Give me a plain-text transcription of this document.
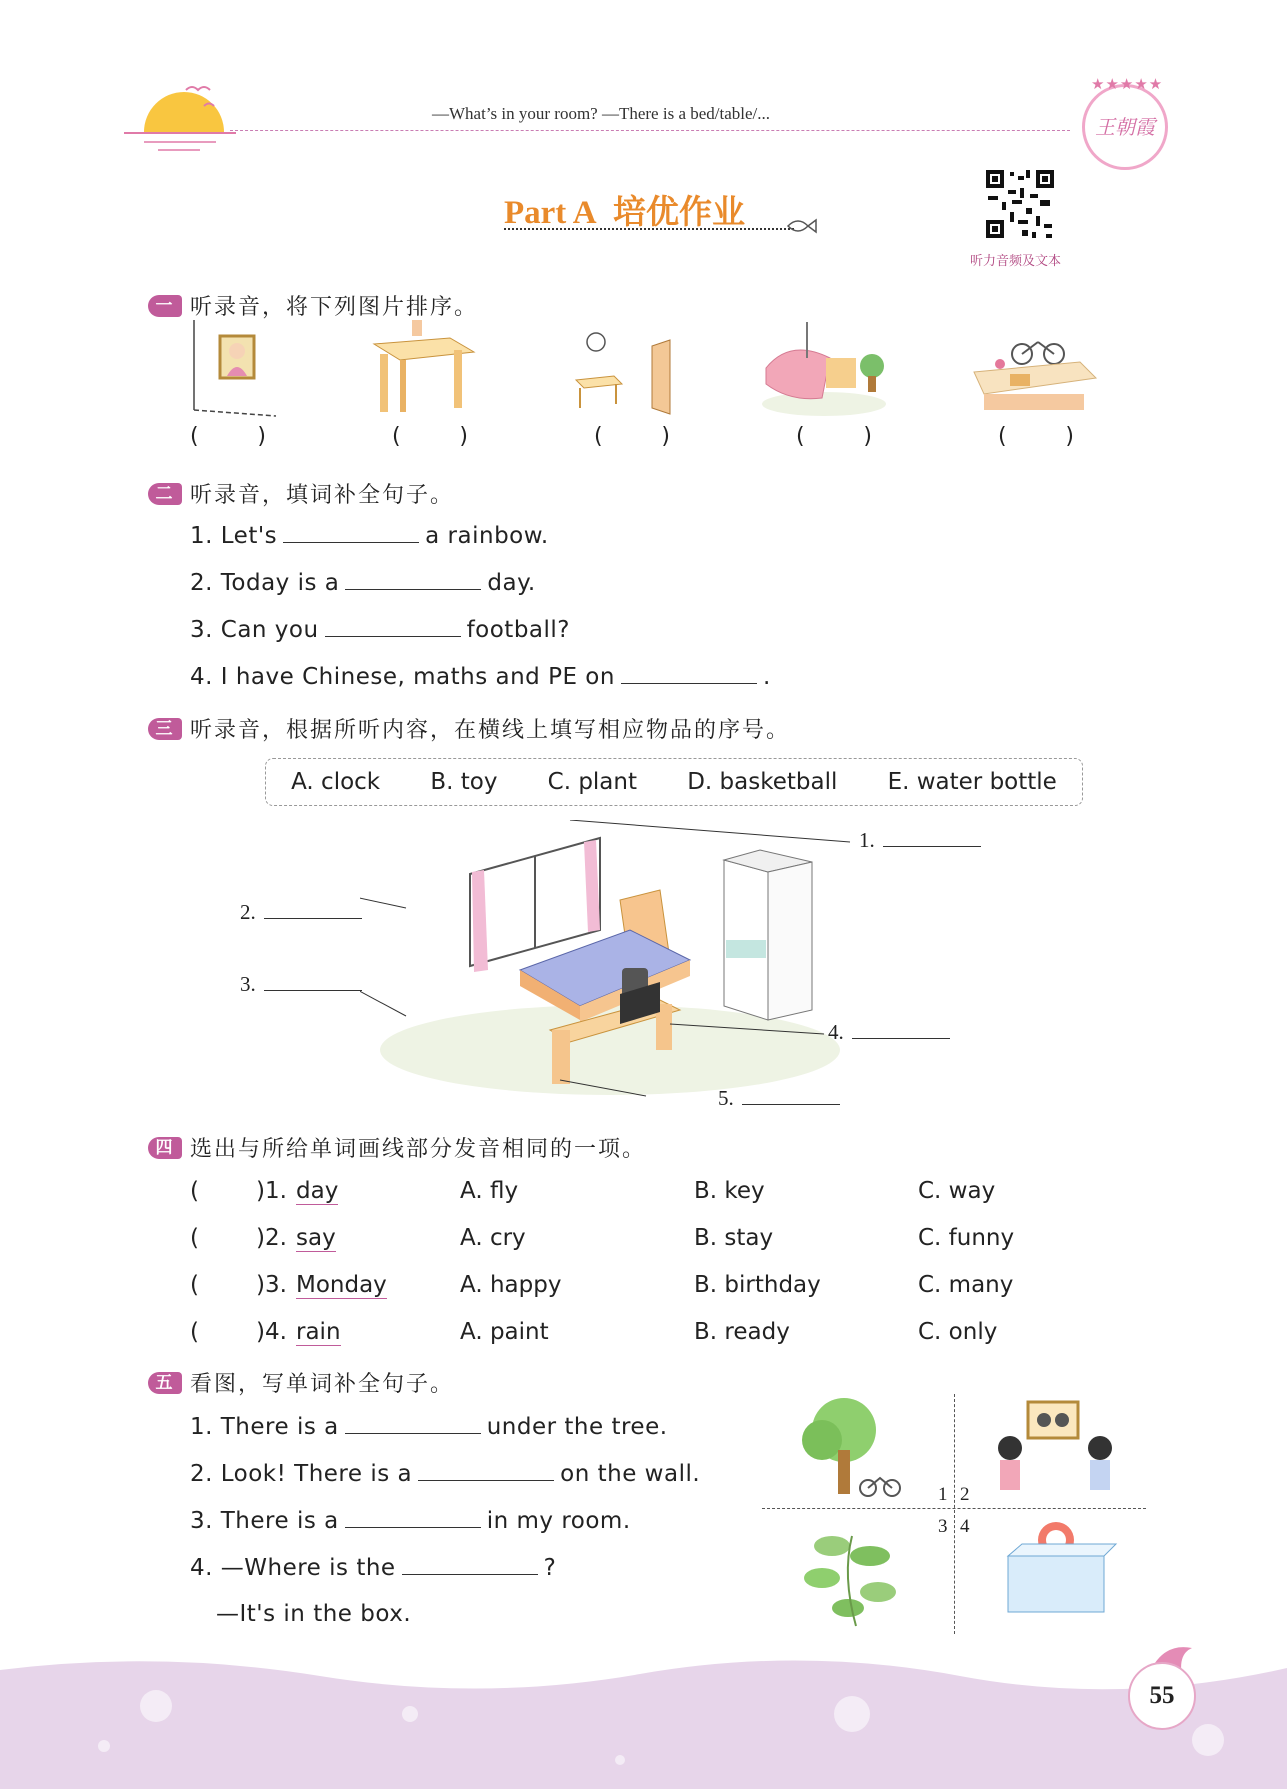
—What’s in your room? —There is a bed/table/...
★★★★★
王朝霞
Part A 培优作业
听力音频及文本
一 听录音，将下列图片排序。
(	)	(	)	(	)	(	)	(	)
二 听录音，填词补全句子。
1. Let's	a rainbow.
2. Today is a	day.
3. Can you	football?
4. I have Chinese, maths and PE on	.
三 听录音，根据所听内容，在横线上填写相应物品的序号。
A. clock B. toy C. plant D. basketball E. water bottle
1.
2.
3.
4.
5.
四 选出与所给单词画线部分发音相同的一项。
( )1. day	A. fly	B. key	C. way
( )2. say	A. cry	B. stay	C. funny
( )3. Monday	A. happy	B. birthday	C. many
( )4. rain	A. paint	B. ready	C. only
五 看图，写单词补全句子。
1. There is a	under the tree.
2. Look! There is a	on the wall.
3. There is a	in my room.
4. —Where is the	?
—It's in the box.
1 2
3 4
55
